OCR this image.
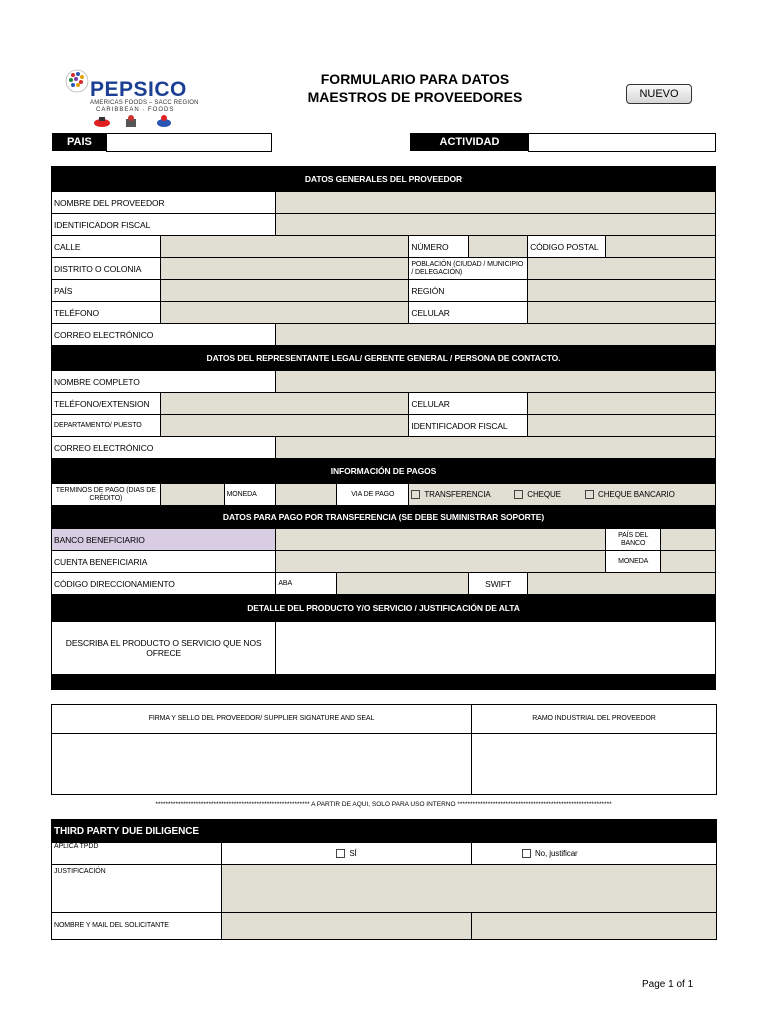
PEPSICO
AMERICAS FOODS – SACC REGION
CARIBBEAN · FOODS
FORMULARIO PARA DATOS
MAESTROS DE PROVEEDORES	NUEVO
PAIS	ACTIVIDAD
DATOS GENERALES DEL PROVEEDOR									
NOMBRE DEL PROVEEDOR									
IDENTIFICADOR FISCAL									
CALLE					NÚMERO		CÓDIGO POSTAL		
DISTRITO O COLONIA					POBLACIÓN (CIUDAD / MUNICIPIO / DELEGACIÓN)				
PAÍS					REGIÓN				
TELÉFONO					CELULAR				
CORREO ELECTRÓNICO									
DATOS DEL REPRESENTANTE LEGAL/ GERENTE GENERAL / PERSONA DE CONTACTO.									
NOMBRE COMPLETO									
TELÉFONO/EXTENSION					CELULAR				
DEPARTAMENTO/ PUESTO					IDENTIFICADOR FISCAL				
CORREO ELECTRÓNICO									
INFORMACIÓN DE PAGOS									
TERMINOS DE PAGO (DIAS DE CRÉDITO)		MONEDA		VIA DE PAGO	TRANSFERENCIA CHEQUE CHEQUE BANCARIO				
DATOS PARA PAGO POR TRANSFERENCIA (SE DEBE SUMINISTRAR SOPORTE)									
BANCO BENEFICIARIO								PAÍS DEL BANCO	
CUENTA BENEFICIARIA								MONEDA	
CÓDIGO DIRECCIONAMIENTO			ABA			SWIFT			
DETALLE DEL PRODUCTO Y/O SERVICIO / JUSTIFICACIÓN DE ALTA									
DESCRIBA EL PRODUCTO O SERVICIO QUE NOS OFRECE									

FIRMA Y SELLO DEL PROVEEDOR/ SUPPLIER SIGNATURE AND SEAL	RAMO INDUSTRIAL DEL PROVEEDOR

************************************************************* A PARTIR DE AQUI, SÓLO PARA USO INTERNO *************************************************************
THIRD PARTY DUE DILIGENCE		
APLICA TPDD	SÍ	No, justificar
JUSTIFICACIÓN		
NOMBRE Y MAIL DEL SOLICITANTE		
Page 1 of 1
